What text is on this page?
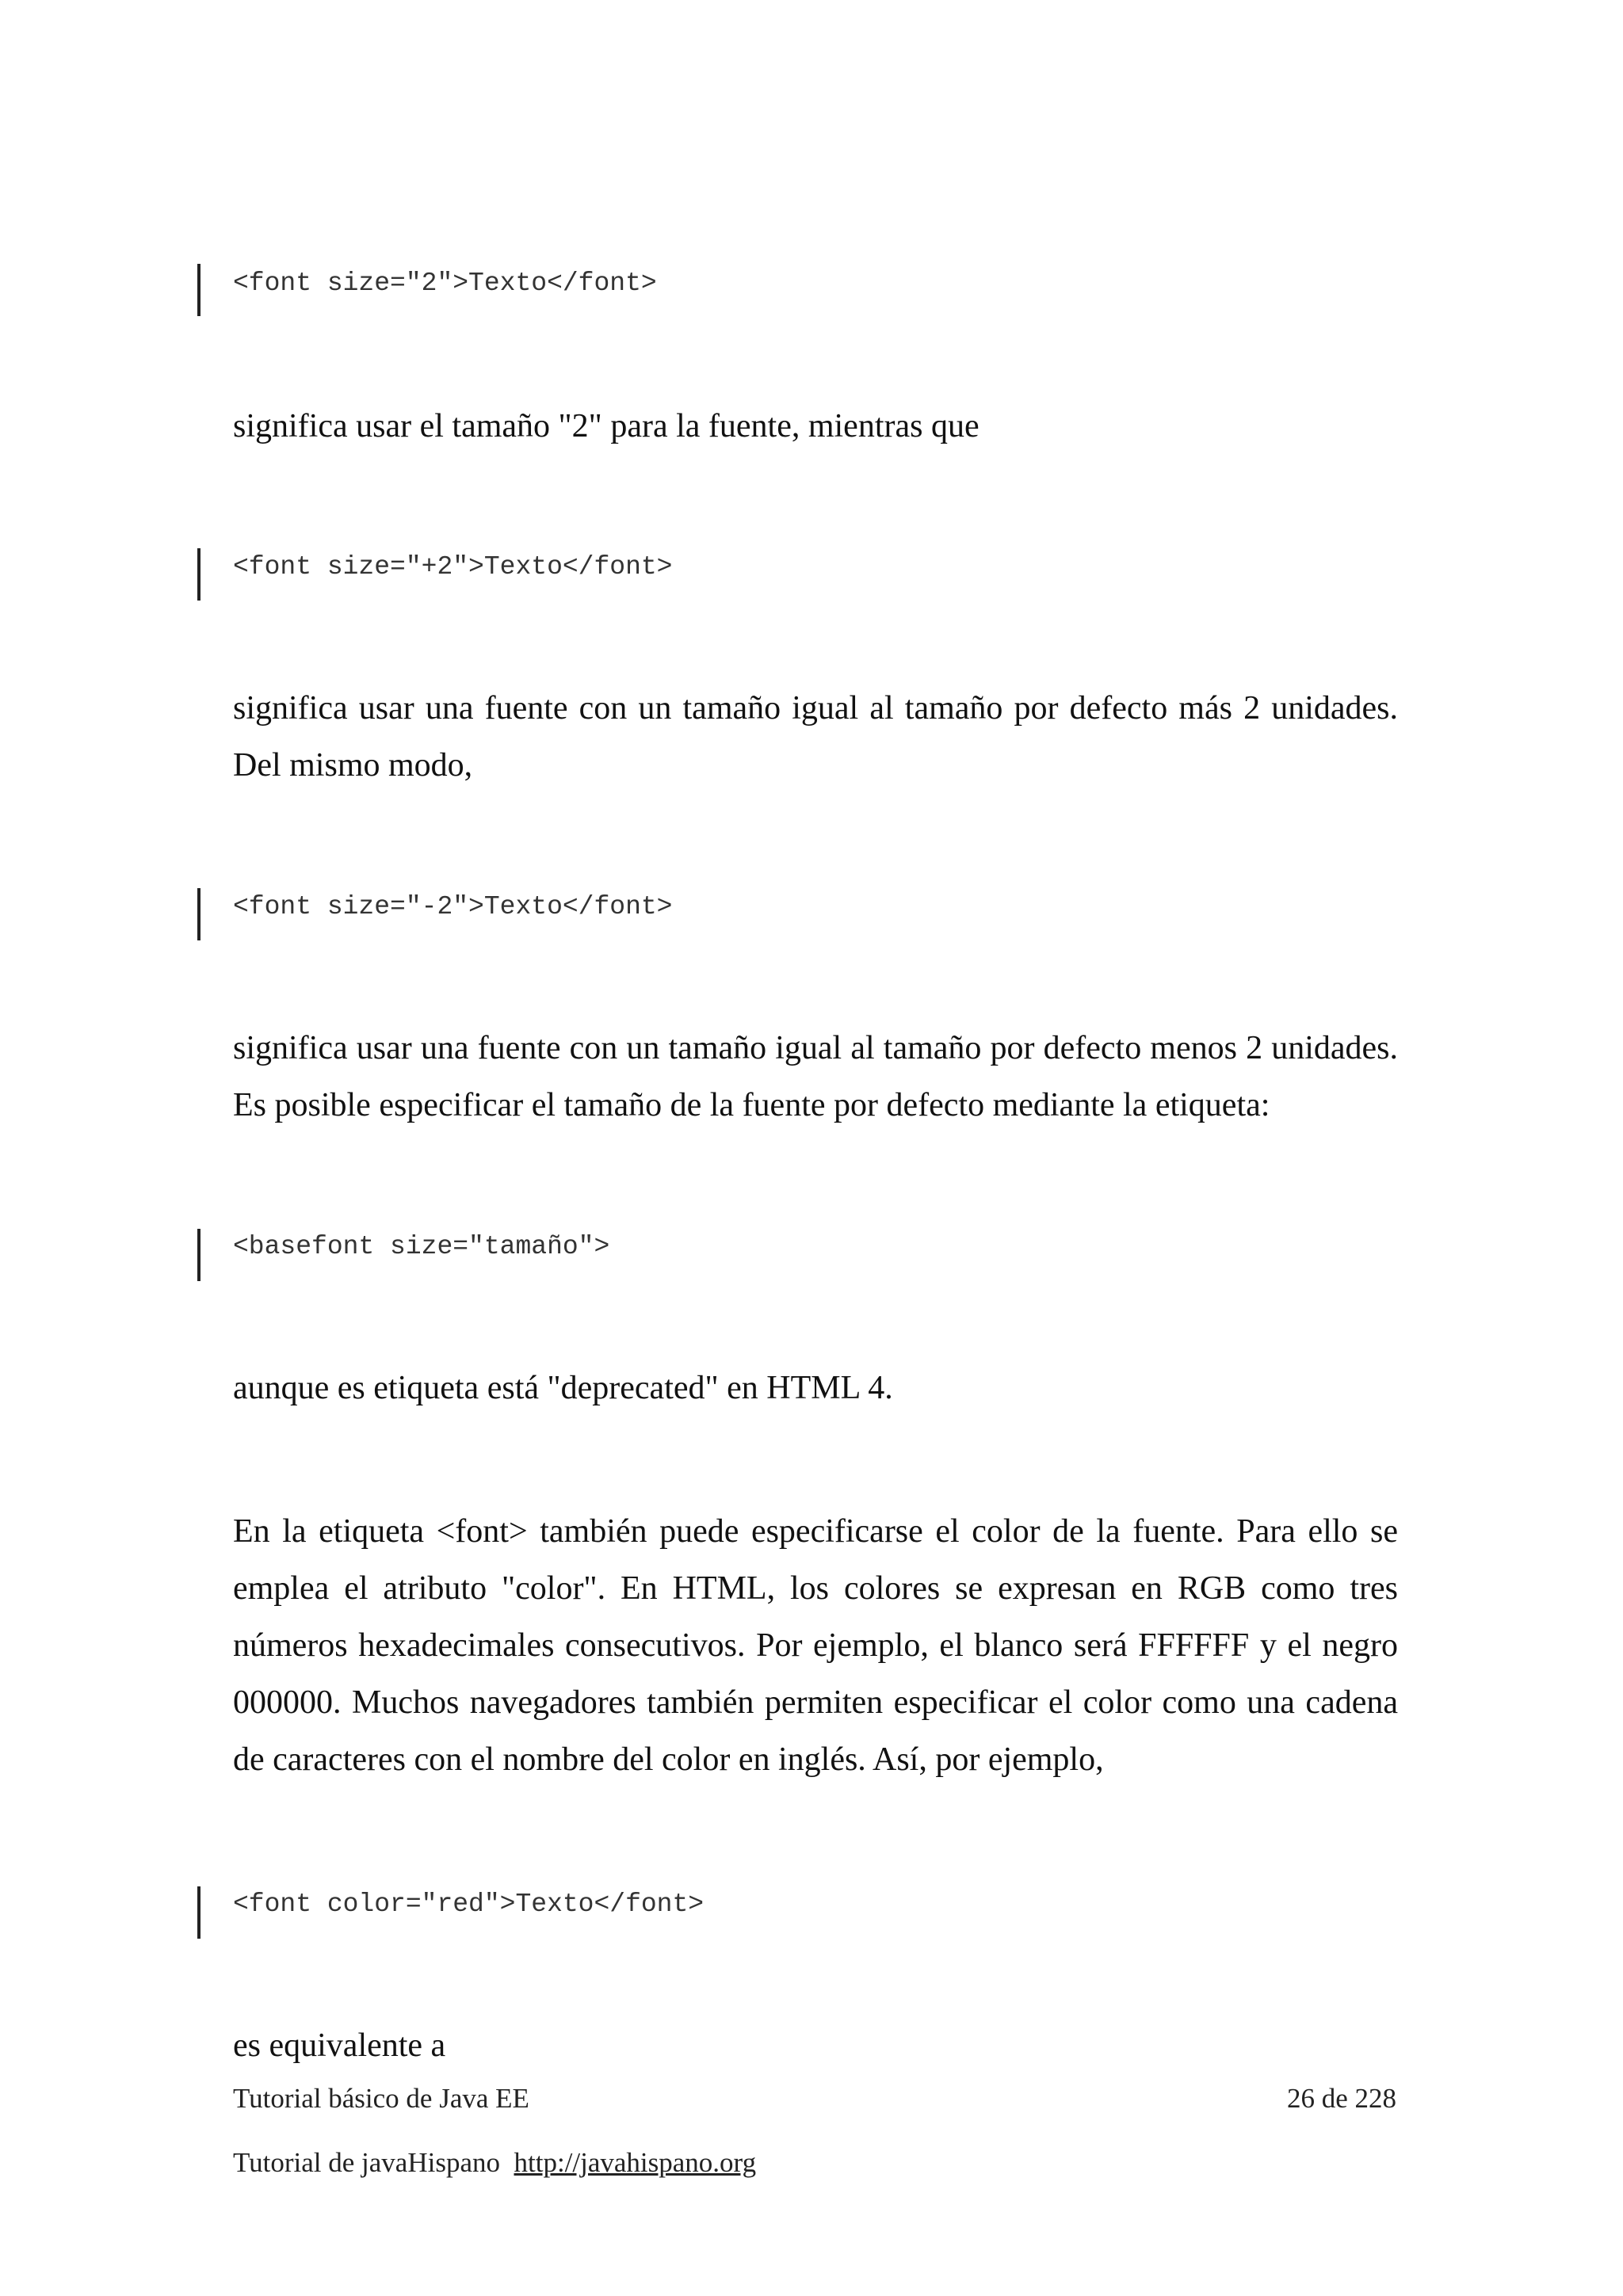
<font size="2">Texto</font>
significa usar el tamaño "2" para la fuente, mientras que
<font size="+2">Texto</font>
significa usar una fuente con un tamaño igual al tamaño por defecto más 2 unidades.
Del mismo modo,
<font size="-2">Texto</font>
significa usar una fuente con un tamaño igual al tamaño por defecto menos 2 unidades.
Es posible especificar el tamaño de la fuente por defecto mediante la etiqueta:
<basefont size="tamaño">
aunque es etiqueta está "deprecated" en HTML 4.
En la etiqueta <font> también puede especificarse el color de la fuente. Para ello se
emplea el atributo "color". En HTML, los colores se expresan en RGB como tres
números hexadecimales consecutivos. Por ejemplo, el blanco será FFFFFF y el negro
000000. Muchos navegadores también permiten especificar el color como una cadena
de caracteres con el nombre del color en inglés. Así, por ejemplo,
<font color="red">Texto</font>
es equivalente a
Tutorial básico de Java EE	26 de 228
Tutorial de javaHispano http://javahispano.org
